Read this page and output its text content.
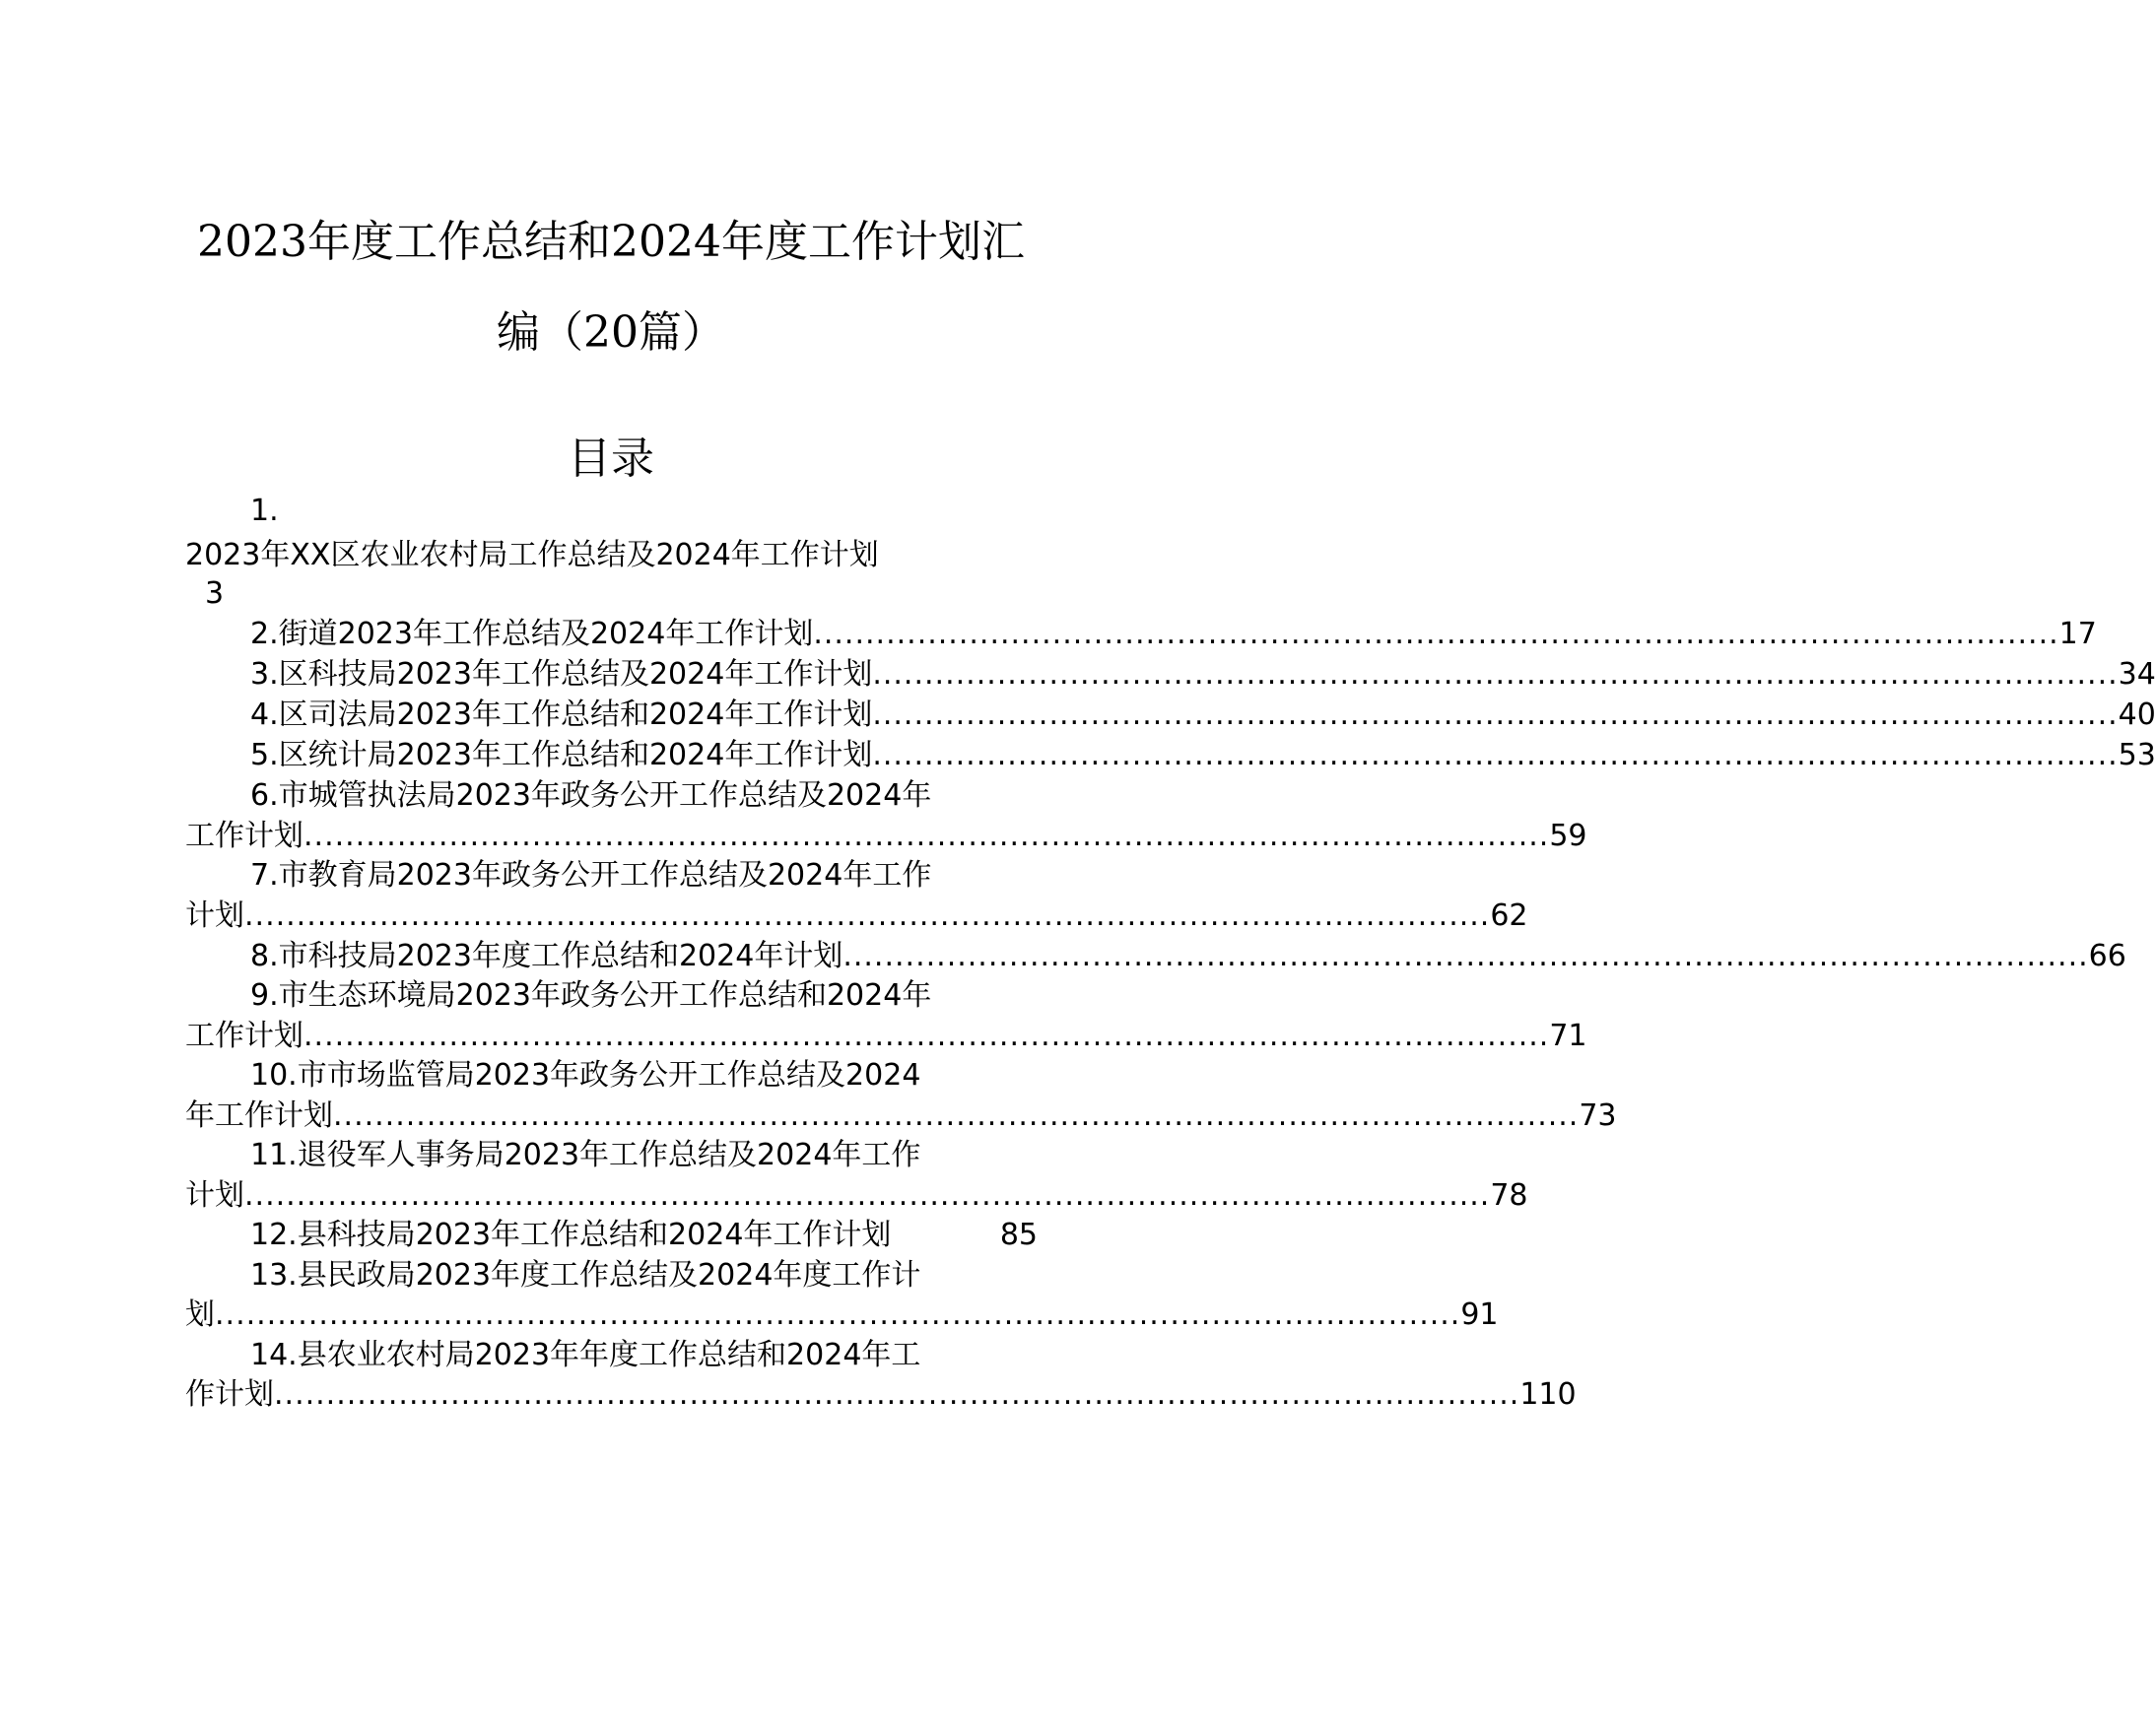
2023年度工作总结和2024年度工作计划汇
编（20篇）
目录
1.
2023年XX区农业农村局工作总结及2024年工作计划
3
2.街道2023年工作总结及2024年工作计划 ........................................................................................................................ 17
3.区科技局2023年工作总结及2024年工作计划 ........................................................................................................................ 34
4.区司法局2023年工作总结和2024年工作计划 ........................................................................................................................ 40
5.区统计局2023年工作总结和2024年工作计划 ........................................................................................................................ 53
6.市城管执法局2023年政务公开工作总结及2024年
工作计划 ........................................................................................................................ 59
7.市教育局2023年政务公开工作总结及2024年工作
计划 ........................................................................................................................ 62
8.市科技局2023年度工作总结和2024年计划 ........................................................................................................................ 66
9.市生态环境局2023年政务公开工作总结和2024年
工作计划 ........................................................................................................................ 71
10.市市场监管局2023年政务公开工作总结及2024
年工作计划 ........................................................................................................................ 73
11.退役军人事务局2023年工作总结及2024年工作
计划 ........................................................................................................................ 78
12.县科技局2023年工作总结和2024年工作计划	85
13.县民政局2023年度工作总结及2024年度工作计
划 ........................................................................................................................ 91
14.县农业农村局2023年年度工作总结和2024年工
作计划 ........................................................................................................................ 110
